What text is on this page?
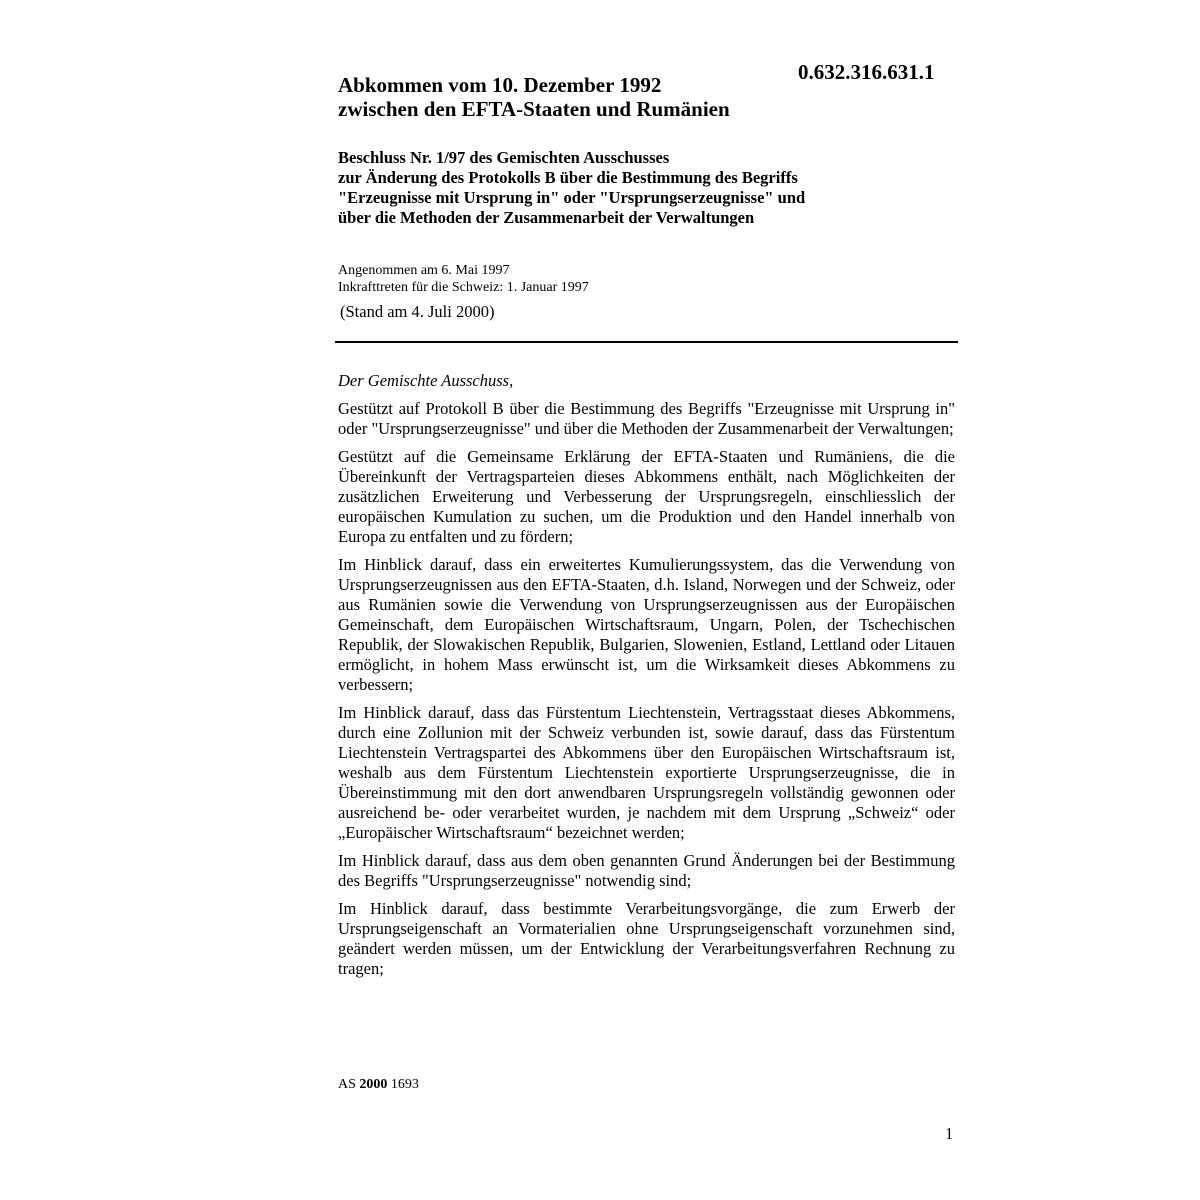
0.632.316.631.1
Abkommen vom 10. Dezember 1992
zwischen den EFTA-Staaten und Rumänien
Beschluss Nr. 1/97 des Gemischten Ausschusses
zur Änderung des Protokolls B über die Bestimmung des Begriffs
"Erzeugnisse mit Ursprung in" oder "Ursprungserzeugnisse" und
über die Methoden der Zusammenarbeit der Verwaltungen
Angenommen am 6. Mai 1997
Inkrafttreten für die Schweiz: 1. Januar 1997
(Stand am 4. Juli 2000)

Der Gemischte Ausschuss,

Gestützt auf Protokoll B über die Bestimmung des Begriffs "Erzeugnisse mit Ursprung in" oder "Ursprungserzeugnisse" und über die Methoden der Zusammenarbeit der Verwaltungen;

Gestützt auf die Gemeinsame Erklärung der EFTA-Staaten und Rumäniens, die die Übereinkunft der Vertragsparteien dieses Abkommens enthält, nach Möglichkeiten der zusätzlichen Erweiterung und Verbesserung der Ursprungsregeln, einschliesslich der europäischen Kumulation zu suchen, um die Produktion und den Handel innerhalb von Europa zu entfalten und zu fördern;

Im Hinblick darauf, dass ein erweitertes Kumulierungssystem, das die Verwendung von Ursprungserzeugnissen aus den EFTA-Staaten, d.h. Island, Norwegen und der Schweiz, oder aus Rumänien sowie die Verwendung von Ursprungserzeugnissen aus der Europäischen Gemeinschaft, dem Europäischen Wirtschaftsraum, Ungarn, Polen, der Tschechischen Republik, der Slowakischen Republik, Bulgarien, Slowenien, Estland, Lettland oder Litauen ermöglicht, in hohem Mass erwünscht ist, um die Wirksamkeit dieses Abkommens zu verbessern;

Im Hinblick darauf, dass das Fürstentum Liechtenstein, Vertragsstaat dieses Abkommens, durch eine Zollunion mit der Schweiz verbunden ist, sowie darauf, dass das Fürstentum Liechtenstein Vertragspartei des Abkommens über den Europäischen Wirtschaftsraum ist, weshalb aus dem Fürstentum Liechtenstein exportierte Ursprungserzeugnisse, die in Übereinstimmung mit den dort anwendbaren Ursprungsregeln vollständig gewonnen oder ausreichend be- oder verarbeitet wurden, je nachdem mit dem Ursprung „Schweiz“ oder „Europäischer Wirtschaftsraum“ bezeichnet werden;

Im Hinblick darauf, dass aus dem oben genannten Grund Änderungen bei der Bestimmung des Begriffs "Ursprungserzeugnisse" notwendig sind;

Im Hinblick darauf, dass bestimmte Verarbeitungsvorgänge, die zum Erwerb der Ursprungseigenschaft an Vormaterialien ohne Ursprungseigenschaft vorzunehmen sind, geändert werden müssen, um der Entwicklung der Verarbeitungsverfahren Rechnung zu tragen;

AS 2000 1693
1
